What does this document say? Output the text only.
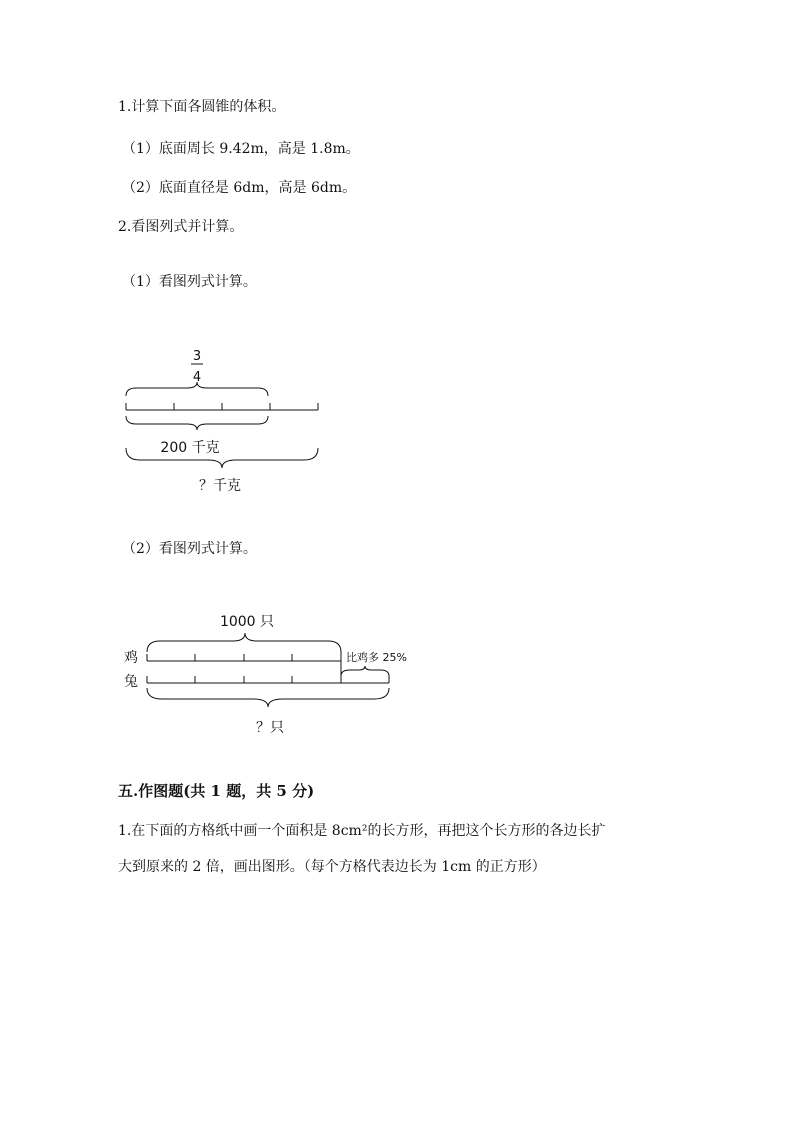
1.计算下面各圆锥的体积。
（1）底面周长 9.42m，高是 1.8m。
（2）底面直径是 6dm，高是 6dm。
2.看图列式并计算。
（1）看图列式计算。
（2）看图列式计算。
五.作图题(共 1 题，共 5 分)
1.在下面的方格纸中画一个面积是 8cm²的长方形，再把这个长方形的各边长扩
大到原来的 2 倍，画出图形。（每个方格代表边长为 1cm 的正方形）
3
4
200 千克
？千克
1000 只
鸡	比鸡多 25%
兔
？只
